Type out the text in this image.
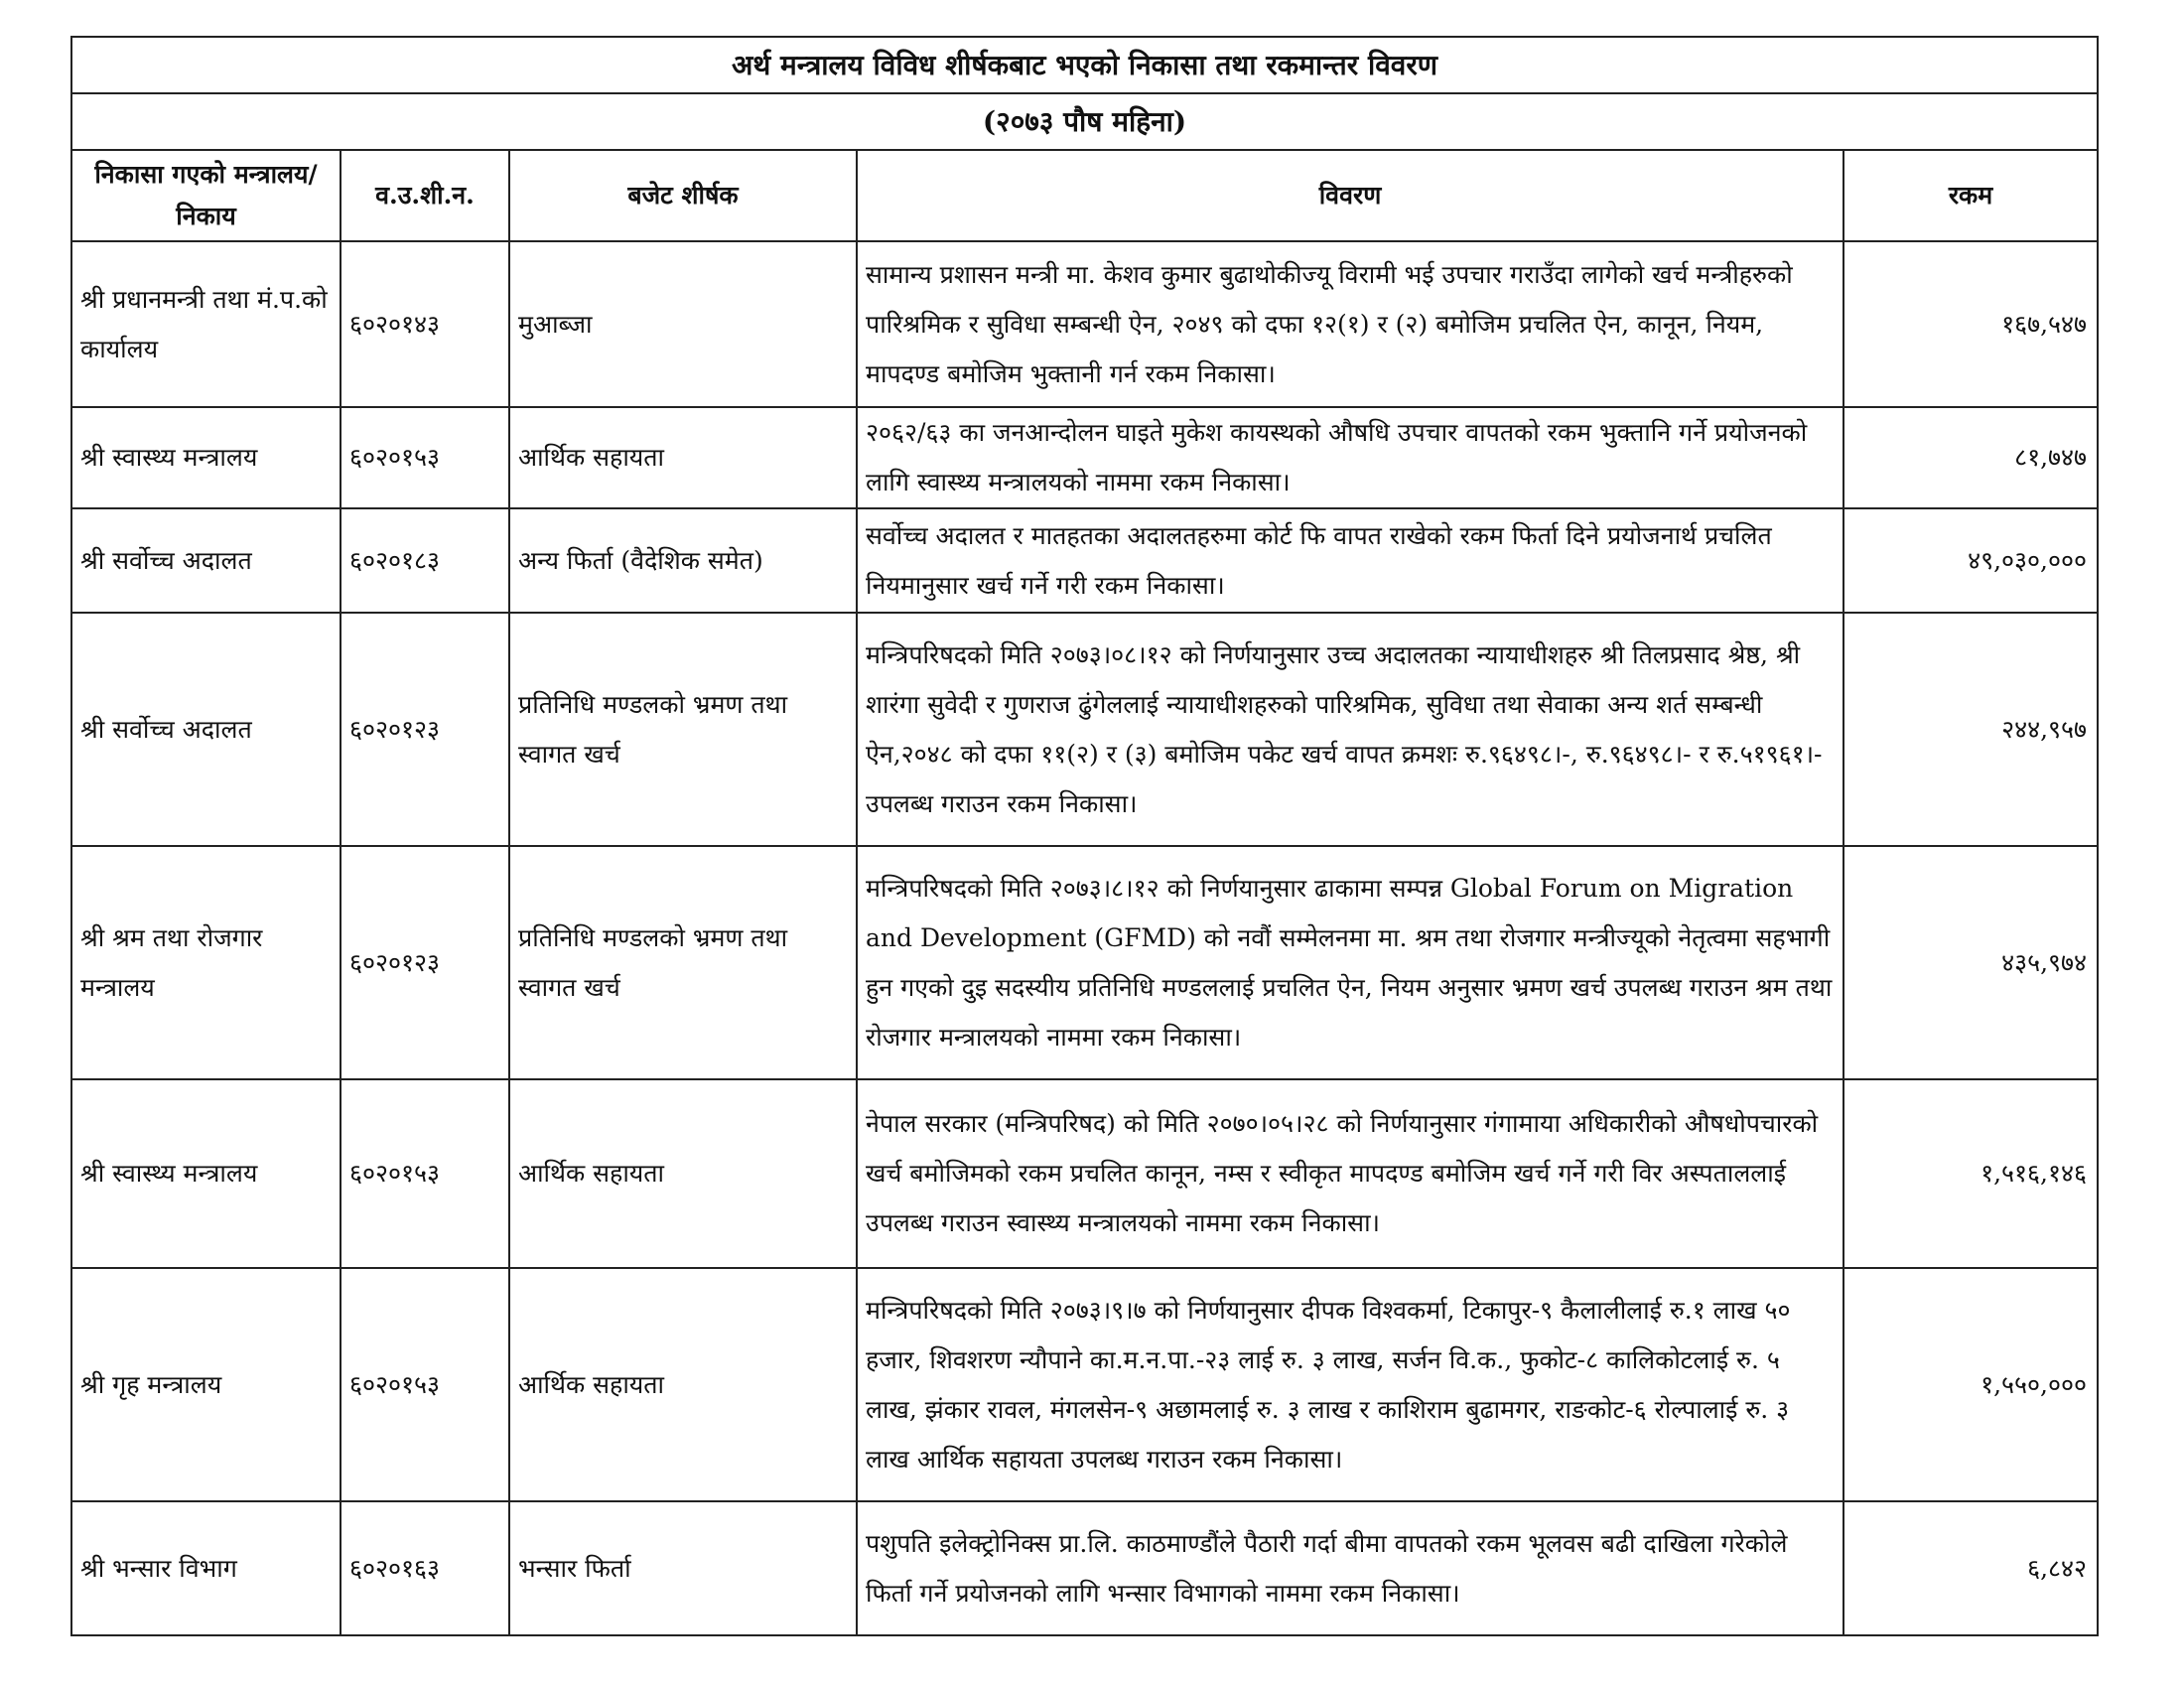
अर्थ मन्त्रालय विविध शीर्षकबाट भएको निकासा तथा रकमान्तर विवरण				
(२०७३ पौष महिना)				
निकासा गएको मन्त्रालय/निकाय	व.उ.शी.न.	बजेट शीर्षक	विवरण	रकम
श्री प्रधानमन्त्री तथा मं.प.को कार्यालय	६०२०१४३	मुआब्जा	सामान्य प्रशासन मन्त्री मा. केशव कुमार बुढाथोकीज्यू विरामी भई उपचार गराउँदा लागेको खर्च मन्त्रीहरुको पारिश्रमिक र सुविधा सम्बन्धी ऐन, २०४९ को दफा १२(१) र (२) बमोजिम प्रचलित ऐन, कानून, नियम, मापदण्ड बमोजिम भुक्तानी गर्न रकम निकासा।	१६७,५४७
श्री स्वास्थ्य मन्त्रालय	६०२०१५३	आर्थिक सहायता	२०६२/६३ का जनआन्दोलन घाइते मुकेश कायस्थको औषधि उपचार वापतको रकम भुक्तानि गर्ने प्रयोजनको लागि स्वास्थ्य मन्त्रालयको नाममा रकम निकासा।	८१,७४७
श्री सर्वोच्च अदालत	६०२०१८३	अन्य फिर्ता (वैदेशिक समेत)	सर्वोच्च अदालत र मातहतका अदालतहरुमा कोर्ट फि वापत राखेको रकम फिर्ता दिने प्रयोजनार्थ प्रचलित नियमानुसार खर्च गर्ने गरी रकम निकासा।	४९,०३०,०००
श्री सर्वोच्च अदालत	६०२०१२३	प्रतिनिधि मण्डलको भ्रमण तथा स्वागत खर्च	मन्त्रिपरिषदको मिति २०७३।०८।१२ को निर्णयानुसार उच्च अदालतका न्यायाधीशहरु श्री तिलप्रसाद श्रेष्ठ, श्री शारंगा सुवेदी र गुणराज ढुंगेललाई न्यायाधीशहरुको पारिश्रमिक, सुविधा तथा सेवाका अन्य शर्त सम्बन्धी ऐन,२०४८ को दफा ११(२) र (३) बमोजिम पकेट खर्च वापत क्रमशः रु.९६४९८।-, रु.९६४९८।- र रु.५१९६१।- उपलब्ध गराउन रकम निकासा।	२४४,९५७
श्री श्रम तथा रोजगार मन्त्रालय	६०२०१२३	प्रतिनिधि मण्डलको भ्रमण तथा स्वागत खर्च	मन्त्रिपरिषदको मिति २०७३।८।१२ को निर्णयानुसार ढाकामा सम्पन्न Global Forum on Migration and Development (GFMD) को नवौं सम्मेलनमा मा. श्रम तथा रोजगार मन्त्रीज्यूको नेतृत्वमा सहभागी हुन गएको दुइ सदस्यीय प्रतिनिधि मण्डललाई प्रचलित ऐन, नियम अनुसार भ्रमण खर्च उपलब्ध गराउन श्रम तथा रोजगार मन्त्रालयको नाममा रकम निकासा।	४३५,९७४
श्री स्वास्थ्य मन्त्रालय	६०२०१५३	आर्थिक सहायता	नेपाल सरकार (मन्त्रिपरिषद) को मिति २०७०।०५।२८ को निर्णयानुसार गंगामाया अधिकारीको औषधोपचारको खर्च बमोजिमको रकम प्रचलित कानून, नम्स र स्वीकृत मापदण्ड बमोजिम खर्च गर्ने गरी विर अस्पताललाई उपलब्ध गराउन स्वास्थ्य मन्त्रालयको नाममा रकम निकासा।	१,५१६,१४६
श्री गृह मन्त्रालय	६०२०१५३	आर्थिक सहायता	मन्त्रिपरिषदको मिति २०७३।९।७ को निर्णयानुसार दीपक विश्वकर्मा, टिकापुर-९ कैलालीलाई रु.१ लाख ५० हजार, शिवशरण न्यौपाने का.म.न.पा.-२३ लाई रु. ३ लाख, सर्जन वि.क., फुकोट-८ कालिकोटलाई रु. ५ लाख, झंकार रावल, मंगलसेन-९ अछामलाई रु. ३ लाख र काशिराम बुढामगर, राङकोट-६ रोल्पालाई रु. ३ लाख आर्थिक सहायता उपलब्ध गराउन रकम निकासा।	१,५५०,०००
श्री भन्सार विभाग	६०२०१६३	भन्सार फिर्ता	पशुपति इलेक्ट्रोनिक्स प्रा.लि. काठमाण्डौंले पैठारी गर्दा बीमा वापतको रकम भूलवस बढी दाखिला गरेकोले फिर्ता गर्ने प्रयोजनको लागि भन्सार विभागको नाममा रकम निकासा।	६,८४२
